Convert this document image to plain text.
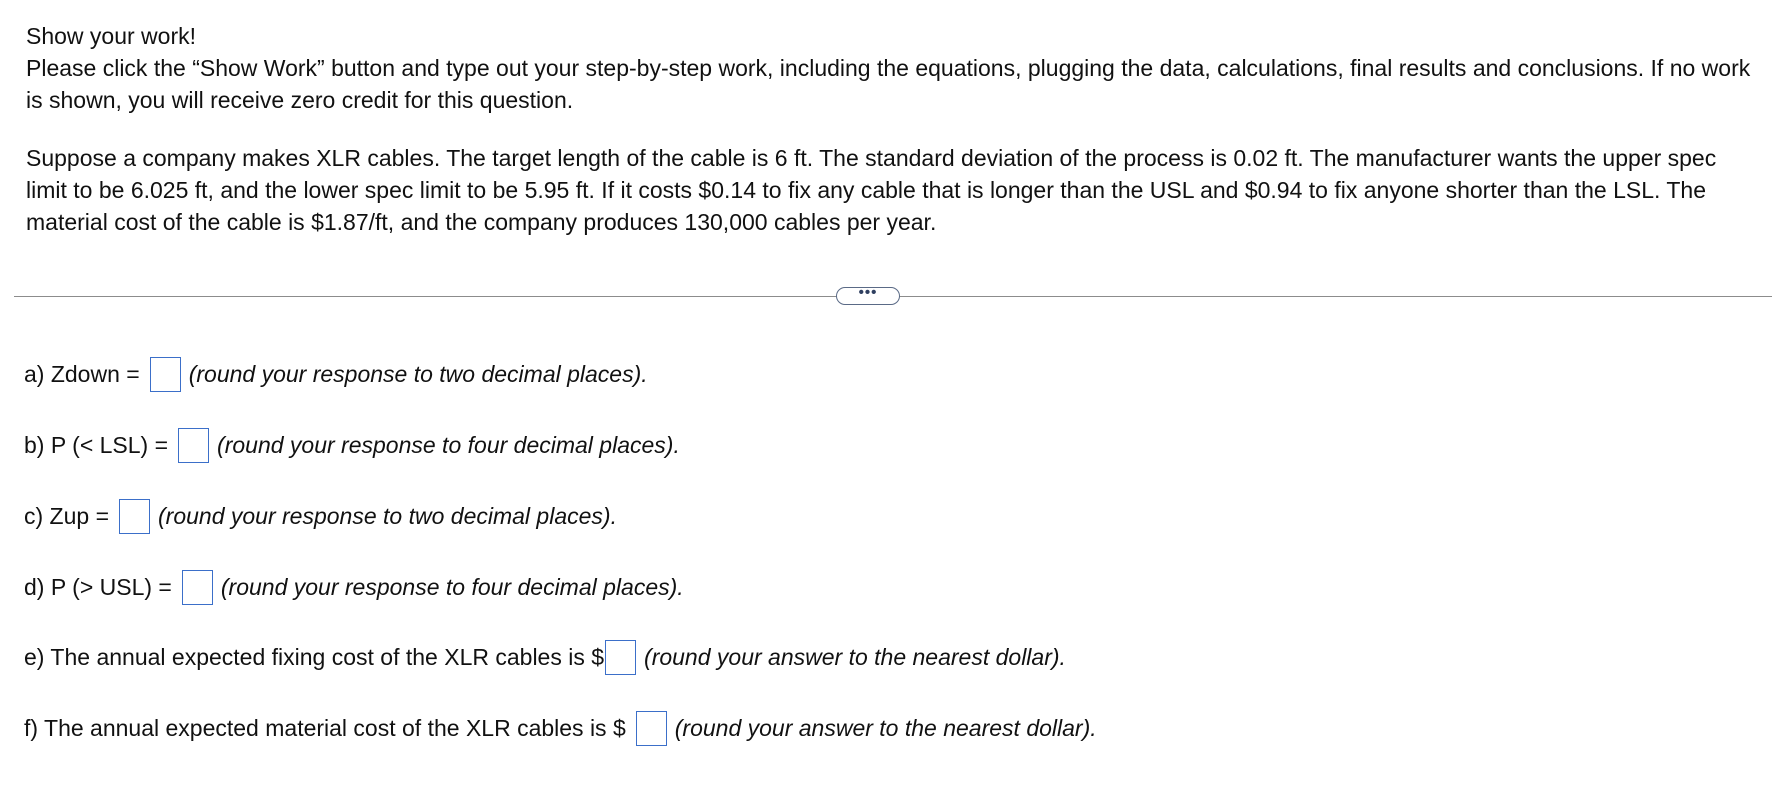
Show your work!

Please click the “Show Work” button and type out your step-by-step work, including the equations, plugging the data, calculations, final results and conclusions. If no work is shown, you will receive zero credit for this question.

Suppose a company makes XLR cables. The target length of the cable is 6 ft. The standard deviation of the process is 0.02 ft. The manufacturer wants the upper spec limit to be 6.025 ft, and the lower spec limit to be 5.95 ft. If it costs $0.14 to fix any cable that is longer than the USL and $0.94 to fix anyone shorter than the LSL. The material cost of the cable is $1.87/ft, and the company produces 130,000 cables per year.

•••
a) Zdown = (round your response to two decimal places).
b) P (< LSL) = (round your response to four decimal places).
c) Zup = (round your response to two decimal places).
d) P (> USL) = (round your response to four decimal places).
e) The annual expected fixing cost of the XLR cables is $ (round your answer to the nearest dollar).
f) The annual expected material cost of the XLR cables is $ (round your answer to the nearest dollar).
